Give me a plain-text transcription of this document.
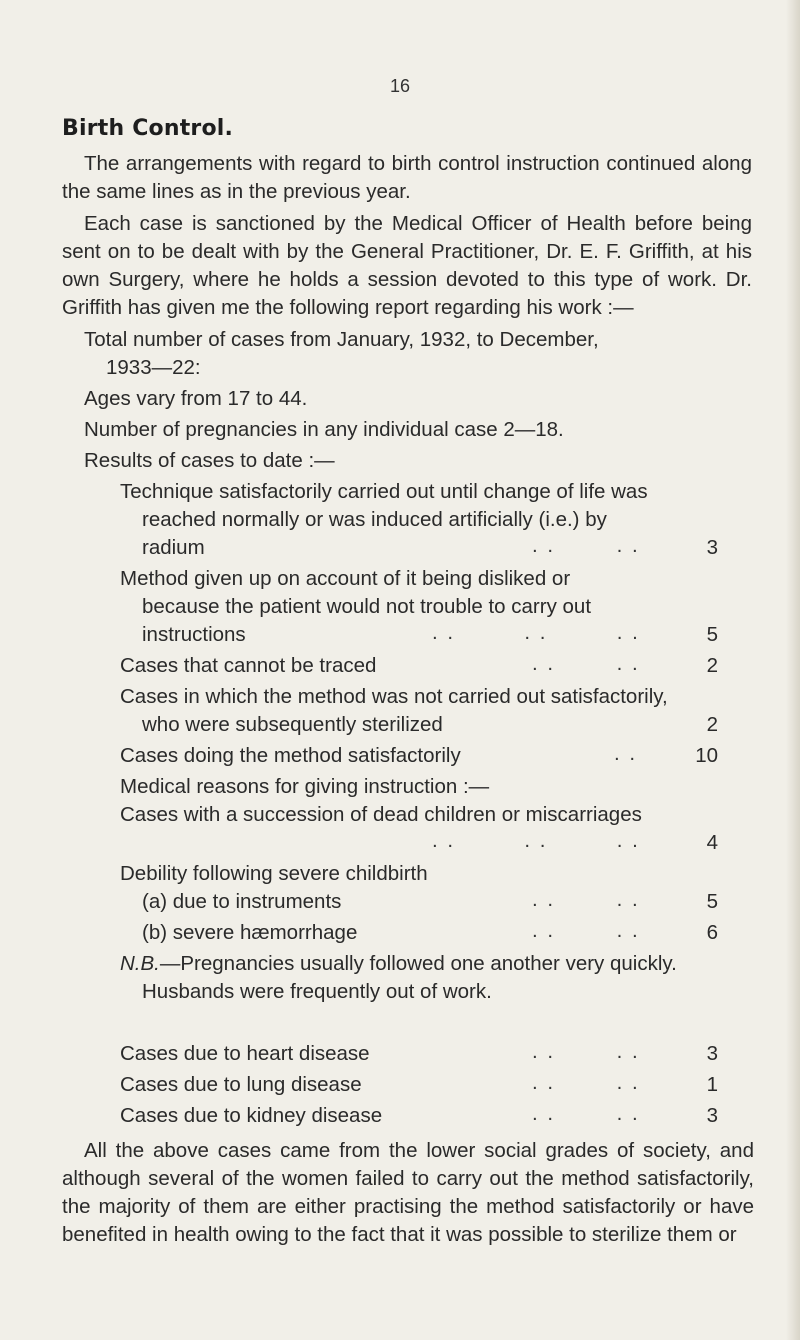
16
Birth Control.
The arrangements with regard to birth control instruction continued along the same lines as in the previous year.
Each case is sanctioned by the Medical Officer of Health before being sent on to be dealt with by the General Practitioner, Dr. E. F. Griffith, at his own Surgery, where he holds a session devoted to this type of work. Dr. Griffith has given me the following report regarding his work :—
Total number of cases from January, 1932, to December,
1933—22:
Ages vary from 17 to 44.
Number of pregnancies in any individual case 2—18.
Results of cases to date :—
Technique satisfactorily carried out until change of life was reached normally or was induced artificially (i.e.) by radium	. .        . .	3
Method given up on account of it being disliked or because the patient would not trouble to carry out instructions	. .         . .         . .	5
Cases that cannot be traced	. .        . .	2
Cases in which the method was not carried out satisfactorily, who were subsequently sterilized	2
Cases doing the method satisfactorily	. .	10
Medical reasons for giving instruction :—
Cases with a succession of dead children or miscarriages
. .         . .         . .	4
Debility following severe childbirth
(a) due to instruments	. .        . .	5
(b) severe hæmorrhage	. .        . .	6
N.B.—Pregnancies usually followed one another very quickly. Husbands were frequently out of work.
Cases due to heart disease	. .        . .	3
Cases due to lung disease	. .        . .	1
Cases due to kidney disease	. .        . .	3
All the above cases came from the lower social grades of society, and although several of the women failed to carry out the method satisfactorily, the majority of them are either practising the method satisfactorily or have benefited in health owing to the fact that it was possible to sterilize them or
